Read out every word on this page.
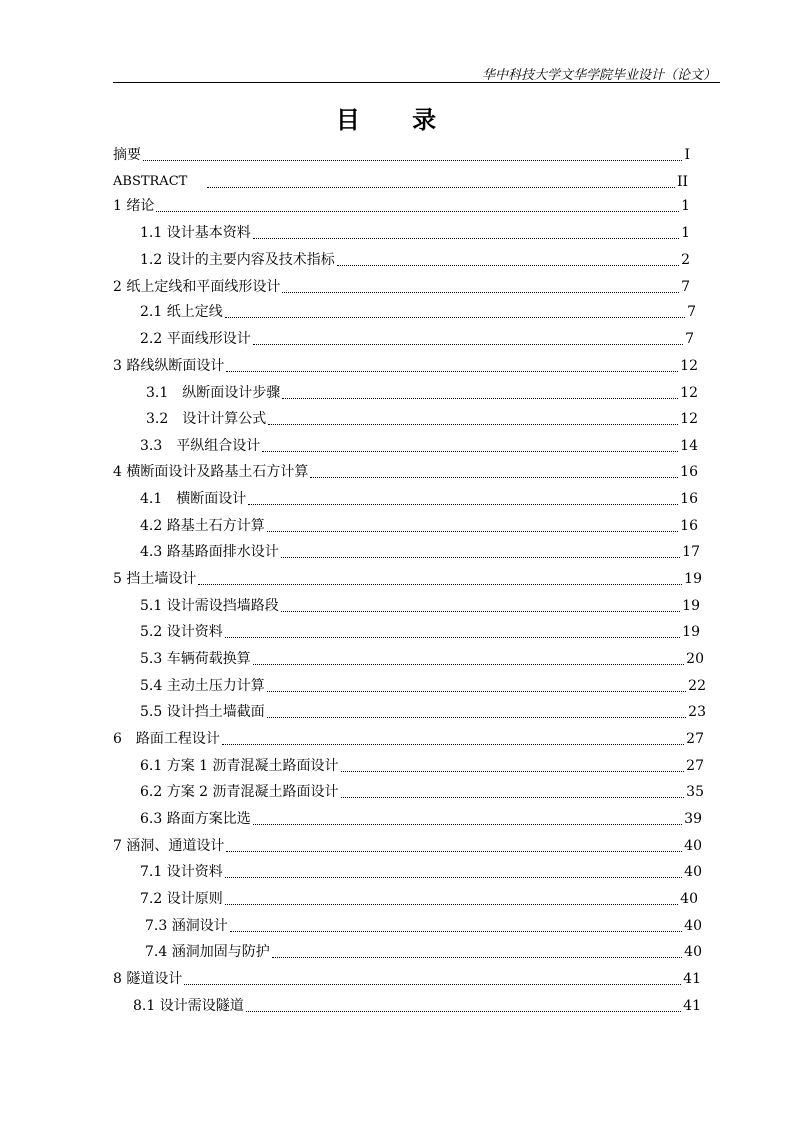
华中科技大学文华学院毕业设计（论文）
目 录
摘要	I
ABSTRACT	II
1 绪论	1
1.1 设计基本资料	1
1.2 设计的主要内容及技术指标	2
2 纸上定线和平面线形设计	7
2.1 纸上定线	7
2.2 平面线形设计	7
3 路线纵断面设计	12
3.1　纵断面设计步骤	12
3.2　设计计算公式	12
3.3　平纵组合设计	14
4 横断面设计及路基土石方计算	16
4.1　横断面设计	16
4.2 路基土石方计算	16
4.3 路基路面排水设计	17
5 挡土墙设计	19
5.1 设计需设挡墙路段	19
5.2 设计资料	19
5.3 车辆荷载换算	20
5.4 主动土压力计算	22
5.5 设计挡土墙截面	23
6　路面工程设计	27
6.1 方案 1 沥青混凝土路面设计	27
6.2 方案 2 沥青混凝土路面设计	35
6.3 路面方案比选	39
7 涵洞、通道设计	40
7.1 设计资料	40
7.2 设计原则	40
7.3 涵洞设计	40
7.4 涵洞加固与防护	40
8 隧道设计	41
8.1 设计需设隧道	41
